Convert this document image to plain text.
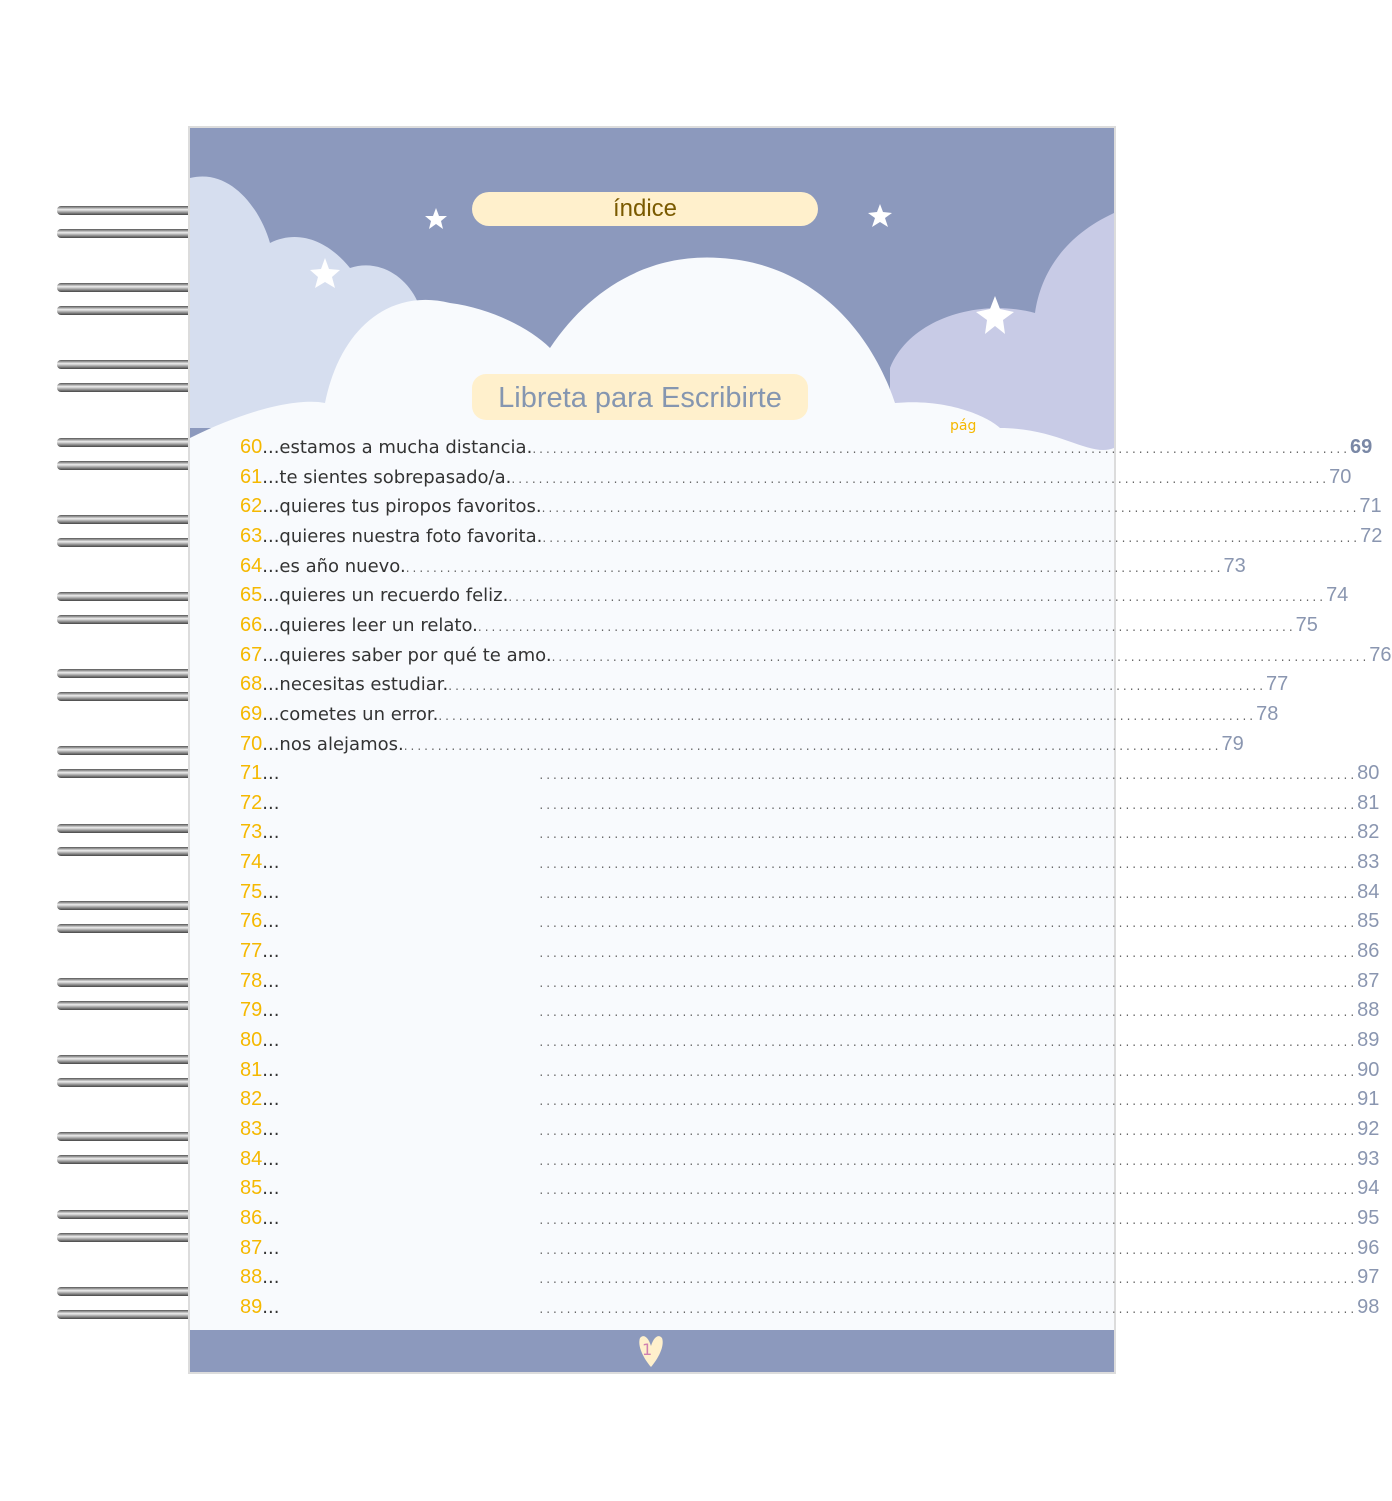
índice
Libreta para Escribirte
pág
60 ...estamos a mucha distancia. ........................................................................................................................ 69
61 ...te sientes sobrepasado/a. ........................................................................................................................ 70
62 ...quieres tus piropos favoritos. ........................................................................................................................ 71
63 ...quieres nuestra foto favorita. ........................................................................................................................ 72
64 ...es año nuevo. ........................................................................................................................ 73
65 ...quieres un recuerdo feliz. ........................................................................................................................ 74
66 ...quieres leer un relato. ........................................................................................................................ 75
67 ...quieres saber por qué te amo. ........................................................................................................................ 76
68 ...necesitas estudiar. ........................................................................................................................ 77
69 ...cometes un error. ........................................................................................................................ 78
70 ...nos alejamos. ........................................................................................................................ 79
71 ...	........................................................................................................................ 80
72 ...	........................................................................................................................ 81
73 ...	........................................................................................................................ 82
74 ...	........................................................................................................................ 83
75 ...	........................................................................................................................ 84
76 ...	........................................................................................................................ 85
77 ...	........................................................................................................................ 86
78 ...	........................................................................................................................ 87
79 ...	........................................................................................................................ 88
80 ...	........................................................................................................................ 89
81 ...	........................................................................................................................ 90
82 ...	........................................................................................................................ 91
83 ...	........................................................................................................................ 92
84 ...	........................................................................................................................ 93
85 ...	........................................................................................................................ 94
86 ...	........................................................................................................................ 95
87 ...	........................................................................................................................ 96
88 ...	........................................................................................................................ 97
89 ...	........................................................................................................................ 98
1
